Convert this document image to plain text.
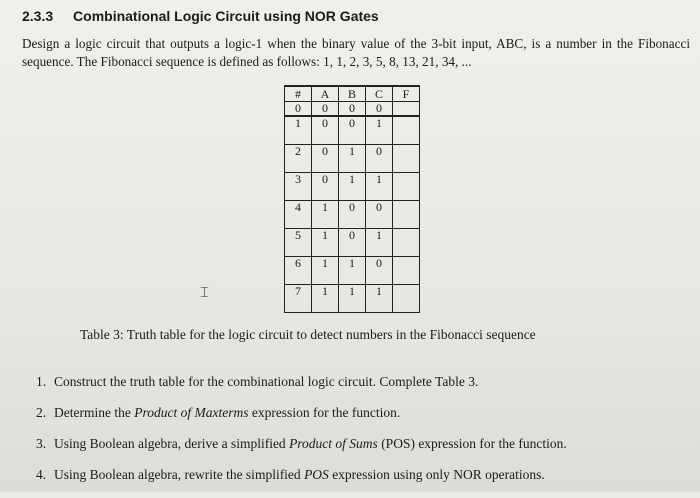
2.3.3 Combinational Logic Circuit using NOR Gates
Design a logic circuit that outputs a logic-1 when the binary value of the 3-bit input, ABC, is a number in the Fibonacci sequence. The Fibonacci sequence is defined as follows: 1, 1, 2, 3, 5, 8, 13, 21, 34, ...
#	A	B	C	F
0	0	0	0	
1	0	0	1	
2	0	1	0	
3	0	1	1	
4	1	0	0	
5	1	0	1	
6	1	1	0	
7	1	1	1	
⌶
Table 3: Truth table for the logic circuit to detect numbers in the Fibonacci sequence
1. Construct the truth table for the combinational logic circuit. Complete Table 3.
2. Determine the Product of Maxterms expression for the function.
3. Using Boolean algebra, derive a simplified Product of Sums (POS) expression for the function.
4. Using Boolean algebra, rewrite the simplified POS expression using only NOR operations.
